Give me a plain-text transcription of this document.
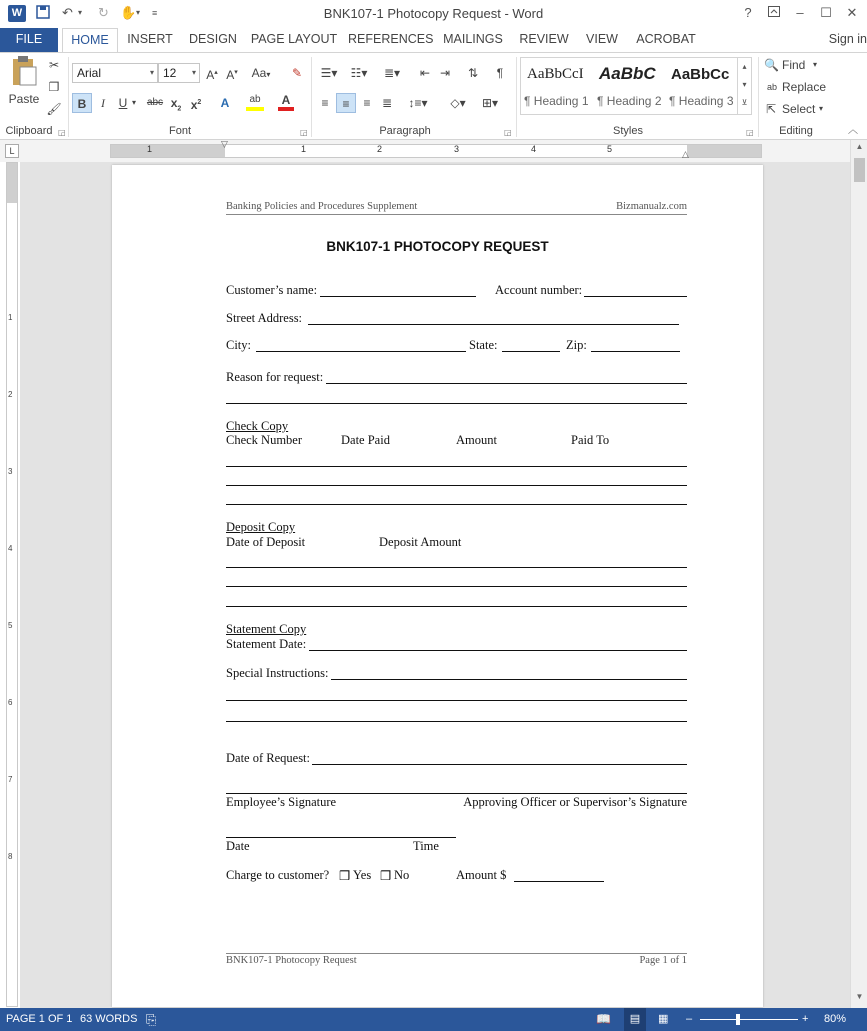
W	↶ ▾ ↻ ✋ ▾ ≡	BNK107-1 Photocopy Request - Word	?	–	☐	✕
FILE	HOME	INSERT DESIGN PAGE LAYOUT REFERENCES MAILINGS REVIEW	VIEW	ACROBAT	Sign in
Paste
✂
❐
🖌
Clipboard ◲
Arial	▾ 12 ▾ A▴ A▾ Aa▾	✎
B	I	U ▾ abc $x_2$ $x^2$	A	ab	A
Font	◲
☰▾	☷▾	≣▾	⇤ ⇥	⇅	¶
≡	≡	≡ ≣	↕≡▾	◇▾	⊞▾
Paragraph	◲
AaBbCcI
¶ Heading 1
AaBbC
¶ Heading 2
AaBbCc
¶ Heading 3
▴
▾
⊻
Styles	◲
🔍 Find ▾
ab Replace
⇱ Select ▾
Editing	︿
L	1	1	2	3	4	5
▽
△
1
2
3
4
5
6
7
8
▲
▼
Banking Policies and Procedures Supplement	Bizmanualz.com
BNK107-1 PHOTOCOPY REQUEST
Customer’s name:	Account number:
Street Address:
City:	State:	Zip:
Reason for request:
Check Copy
Check Number	Date Paid	Amount	Paid To
Deposit Copy
Date of Deposit	Deposit Amount
Statement Copy
Statement Date:
Special Instructions:
Date of Request:
Employee’s Signature	Approving Officer or Supervisor’s Signature
Date	Time
Charge to customer? ❒ Yes ❒ No	Amount $
BNK107-1 Photocopy Request	Page 1 of 1
PAGE 1 OF 1 63 WORDS ⎘	📖	▤	▦ –	+ 80%
